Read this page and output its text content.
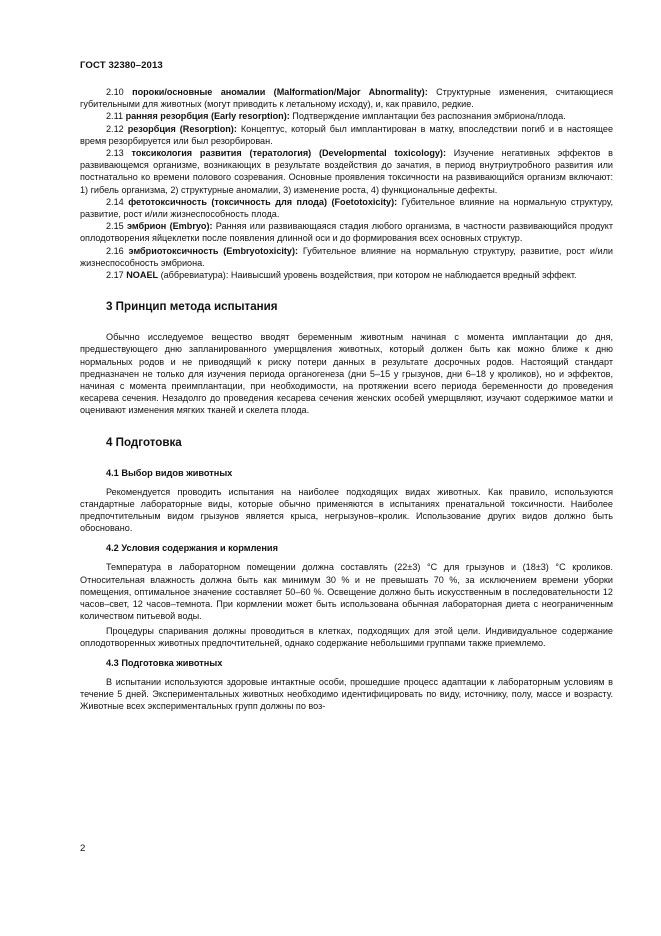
ГОСТ 32380–2013

2.10 пороки/основные аномалии (Malformation/Major Abnormality): Структурные изменения, считающиеся губительными для животных (могут приводить к летальному исходу), и, как правило, редкие.

2.11 ранняя резорбция (Early resorption): Подтверждение имплантации без распознания эмбриона/плода.

2.12 резорбция (Resorption): Концептус, который был имплантирован в матку, впоследствии погиб и в настоящее время резорбируется или был резорбирован.

2.13 токсикология развития (тератология) (Developmental toxicology): Изучение негативных эффектов в развивающемся организме, возникающих в результате воздействия до зачатия, в период внутриутробного развития или постнатально ко времени полового созревания. Основные проявления токсичности на развивающийся организм включают: 1) гибель организма, 2) структурные аномалии, 3) изменение роста, 4) функциональные дефекты.

2.14 фетотоксичность (токсичность для плода) (Foetotoxicity): Губительное влияние на нормальную структуру, развитие, рост и/или жизнеспособность плода.

2.15 эмбрион (Embryo): Ранняя или развивающаяся стадия любого организма, в частности развивающийся продукт оплодотворения яйцеклетки после появления длинной оси и до формирования всех основных структур.

2.16 эмбриотоксичность (Embryotoxicity): Губительное влияние на нормальную структуру, развитие, рост и/или жизнеспособность эмбриона.

2.17 NOAEL (аббревиатура): Наивысший уровень воздействия, при котором не наблюдается вредный эффект.

3 Принцип метода испытания

Обычно исследуемое вещество вводят беременным животным начиная с момента имплантации до дня, предшествующего дню запланированного умерщвления животных, который должен быть как можно ближе к дню нормальных родов и не приводящий к риску потери данных в результате досрочных родов. Настоящий стандарт предназначен не только для изучения периода органогенеза (дни 5–15 у грызунов, дни 6–18 у кроликов), но и эффектов, начиная с момента преимплантации, при необходимости, на протяжении всего периода беременности до проведения кесарева сечения. Незадолго до проведения кесарева сечения женских особей умерщвляют, изучают содержимое матки и оценивают изменения мягких тканей и скелета плода.

4 Подготовка
4.1 Выбор видов животных

Рекомендуется проводить испытания на наиболее подходящих видах животных. Как правило, используются стандартные лабораторные виды, которые обычно применяются в испытаниях пренатальной токсичности. Наиболее предпочтительным видом грызунов является крыса, негрызунов–кролик. Использование других видов должно быть обосновано.

4.2 Условия содержания и кормления

Температура в лабораторном помещении должна составлять (22±3) °С для грызунов и (18±3) °С кроликов. Относительная влажность должна быть как минимум 30 % и не превышать 70 %, за исключением времени уборки помещения, оптимальное значение составляет 50–60 %. Освещение должно быть искусственным в последовательности 12 часов–свет, 12 часов–темнота. При кормлении может быть использована обычная лабораторная диета с неограниченным количеством питьевой воды.

Процедуры спаривания должны проводиться в клетках, подходящих для этой цели. Индивидуальное содержание оплодотворенных животных предпочтительней, однако содержание небольшими группами также приемлемо.

4.3 Подготовка животных

В испытании используются здоровые интактные особи, прошедшие процесс адаптации к лабораторным условиям в течение 5 дней. Экспериментальных животных необходимо идентифицировать по виду, источнику, полу, массе и возрасту. Животные всех экспериментальных групп должны по воз-

2
